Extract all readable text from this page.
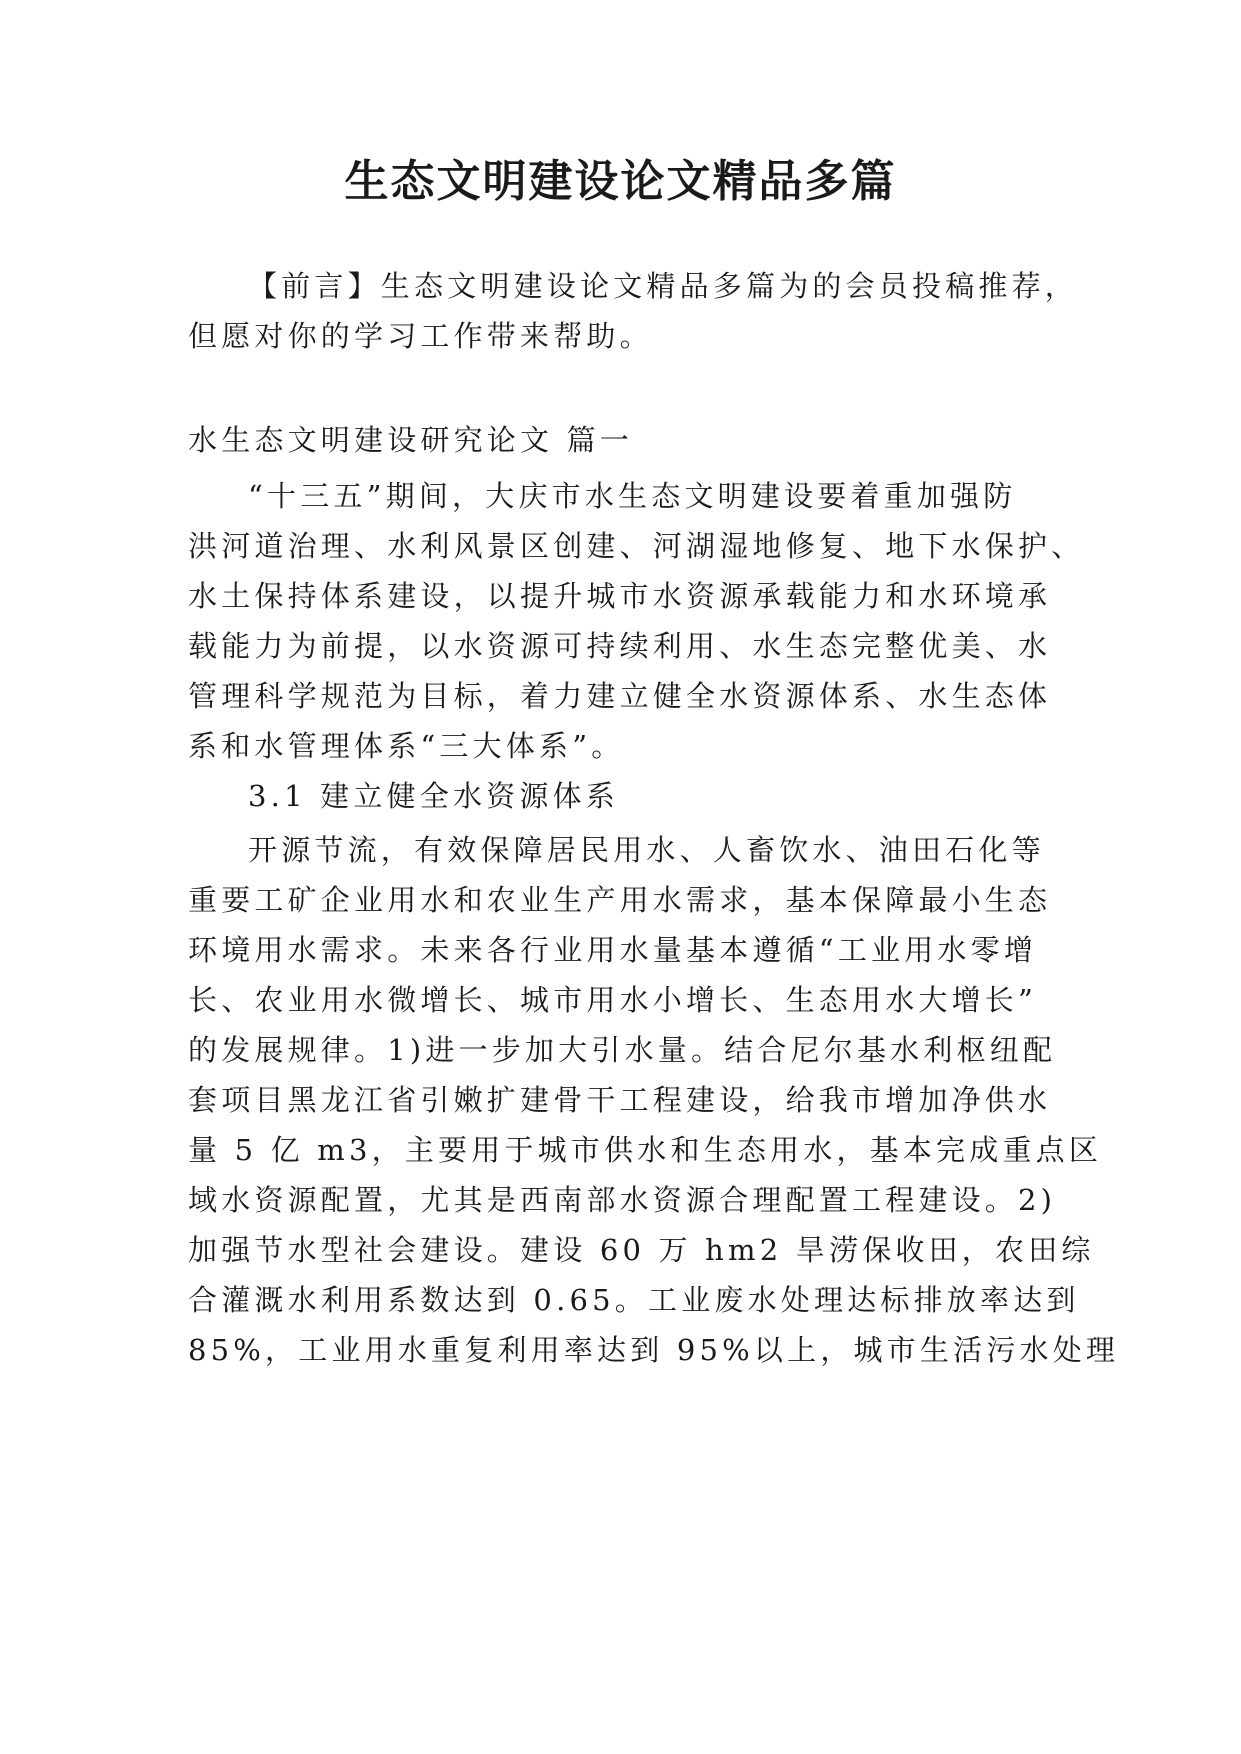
生态文明建设论文精品多篇
【前言】生态文明建设论文精品多篇为的会员投稿推荐，
但愿对你的学习工作带来帮助。
水生态文明建设研究论文 篇一
“十三五”期间，大庆市水生态文明建设要着重加强防
洪河道治理、水利风景区创建、河湖湿地修复、地下水保护、
水土保持体系建设，以提升城市水资源承载能力和水环境承
载能力为前提，以水资源可持续利用、水生态完整优美、水
管理科学规范为目标，着力建立健全水资源体系、水生态体
系和水管理体系“三大体系”。
3.1 建立健全水资源体系
开源节流，有效保障居民用水、人畜饮水、油田石化等
重要工矿企业用水和农业生产用水需求，基本保障最小生态
环境用水需求。未来各行业用水量基本遵循“工业用水零增
长、农业用水微增长、城市用水小增长、生态用水大增长”
的发展规律。1)进一步加大引水量。结合尼尔基水利枢纽配
套项目黑龙江省引嫩扩建骨干工程建设，给我市增加净供水
量 5 亿 m3，主要用于城市供水和生态用水，基本完成重点区
域水资源配置，尤其是西南部水资源合理配置工程建设。2)
加强节水型社会建设。建设 60 万 hm2 旱涝保收田，农田综
合灌溉水利用系数达到 0.65。工业废水处理达标排放率达到
85%，工业用水重复利用率达到 95%以上，城市生活污水处理
